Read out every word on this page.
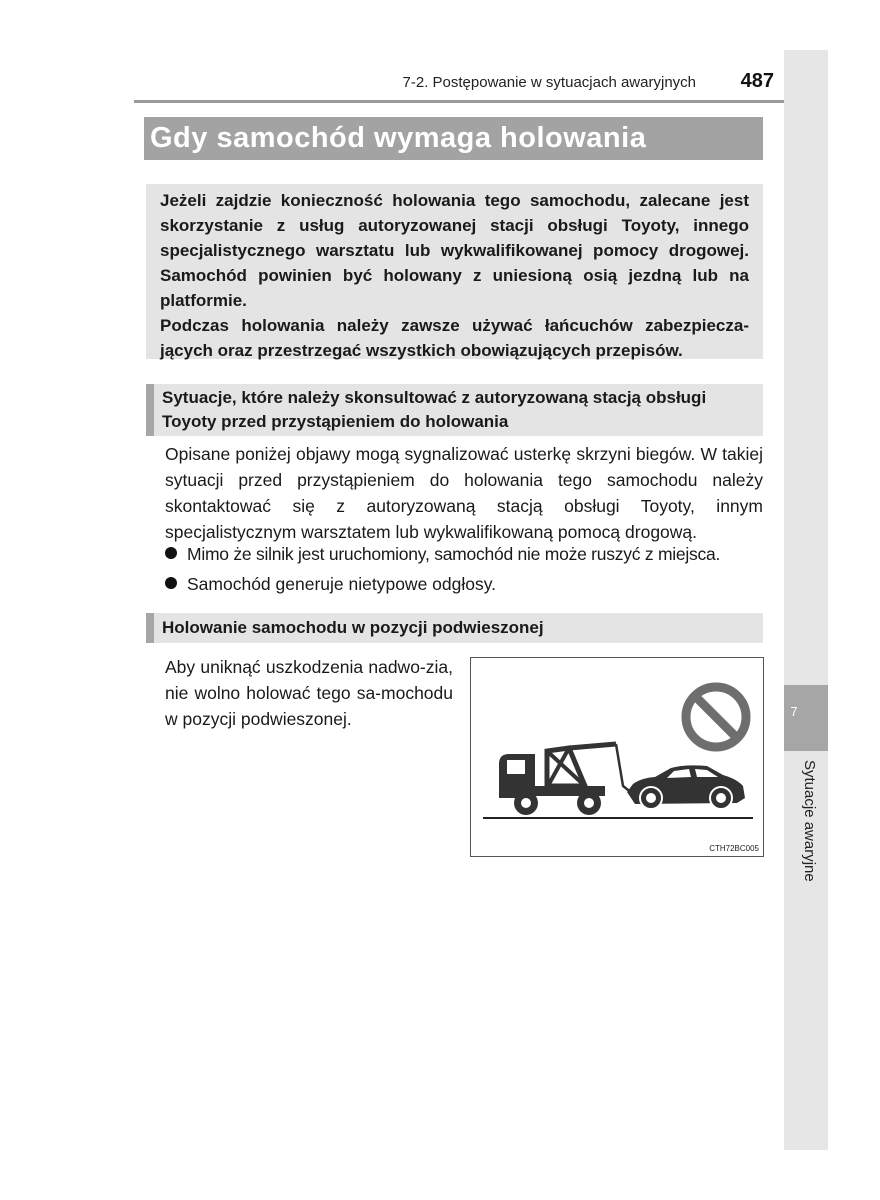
7-2. Postępowanie w sytuacjach awaryjnych	487
7
Sytuacje awaryjne
Gdy samochód wymaga holowania

Jeżeli zajdzie konieczność holowania tego samochodu, zalecane jest skorzystanie z usług autoryzowanej stacji obsługi Toyoty, innego specjalistycznego warsztatu lub wykwalifikowanej pomocy drogowej. Samochód powinien być holowany z uniesioną osią jezdną lub na platformie.

Podczas holowania należy zawsze używać łańcuchów zabezpiecza-jących oraz przestrzegać wszystkich obowiązujących przepisów.

Sytuacje, które należy skonsultować z autoryzowaną stacją obsługi Toyoty przed przystąpieniem do holowania

Opisane poniżej objawy mogą sygnalizować usterkę skrzyni biegów. W takiej sytuacji przed przystąpieniem do holowania tego samochodu należy skontaktować się z autoryzowaną stacją obsługi Toyoty, innym specjalistycznym warsztatem lub wykwalifikowaną pomocą drogową.

Mimo że silnik jest uruchomiony, samochód nie może ruszyć z miejsca.
Samochód generuje nietypowe odgłosy.
Holowanie samochodu w pozycji podwieszonej

Aby uniknąć uszkodzenia nadwo-zia, nie wolno holować tego sa-mochodu w pozycji podwieszonej.

CTH72BC005
